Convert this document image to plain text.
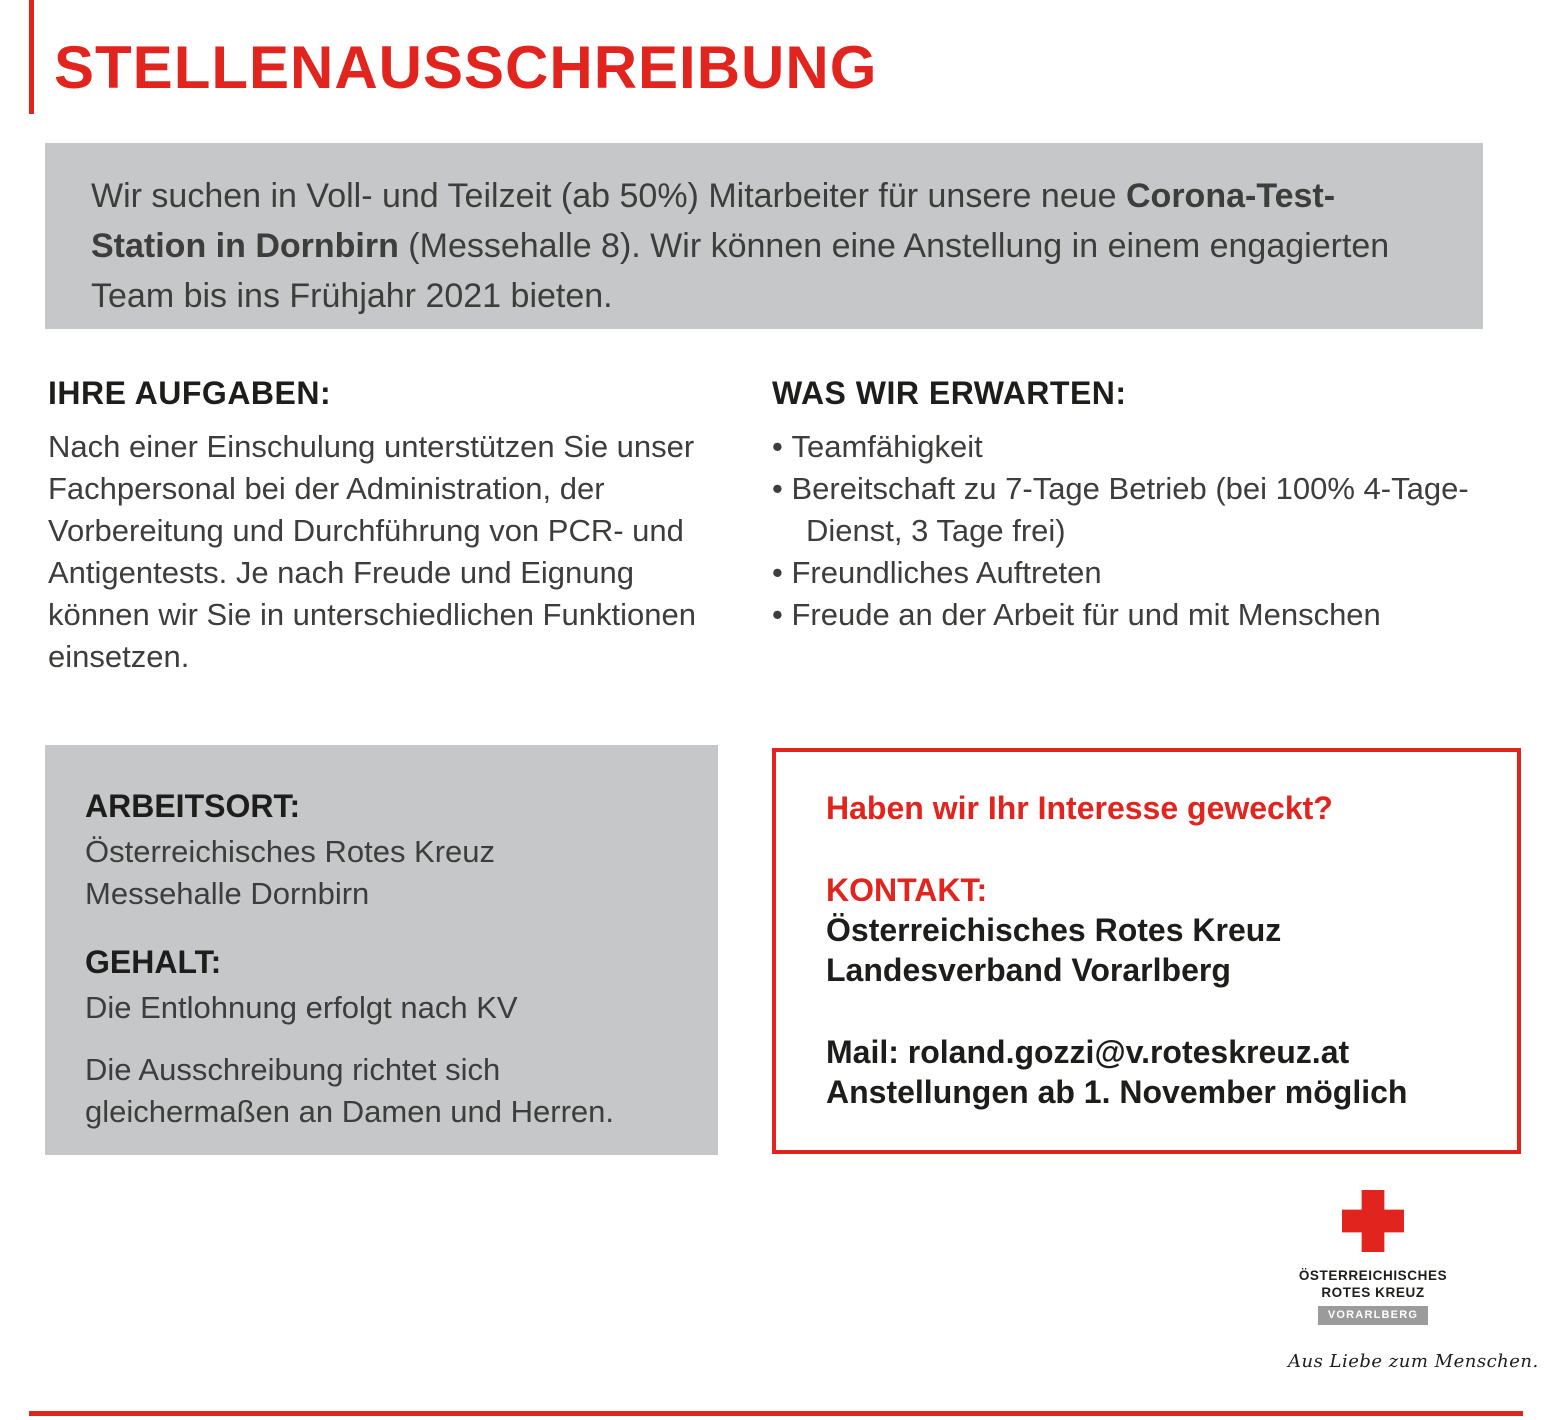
STELLENAUSSCHREIBUNG

Wir suchen in Voll- und Teilzeit (ab 50%) Mitarbeiter für unsere neue Corona-Test-Station in Dornbirn (Messehalle 8). Wir können eine Anstellung in einem engagierten Team bis ins Frühjahr 2021 bieten.

IHRE AUFGABEN:

Nach einer Einschulung unterstützen Sie unser Fachpersonal bei der Administration, der Vorbereitung und Durchführung von PCR- und Antigentests. Je nach Freude und Eignung können wir Sie in unterschiedlichen Funktionen einsetzen.

WAS WIR ERWARTEN:
• Teamfähigkeit
• Bereitschaft zu 7-Tage Betrieb (bei 100% 4-Tage-Dienst, 3 Tage frei)
• Freundliches Auftreten
• Freude an der Arbeit für und mit Menschen
ARBEITSORT:

Österreichisches Rotes Kreuz

Messehalle Dornbirn

GEHALT:

Die Entlohnung erfolgt nach KV

Die Ausschreibung richtet sich gleichermaßen an Damen und Herren.

Haben wir Ihr Interesse geweckt?

KONTAKT:

Österreichisches Rotes Kreuz

Landesverband Vorarlberg

Mail: roland.gozzi@v.roteskreuz.at

Anstellungen ab 1. November möglich

ÖSTERREICHISCHES
ROTES KREUZ
VORARLBERG
Aus Liebe zum Menschen.
